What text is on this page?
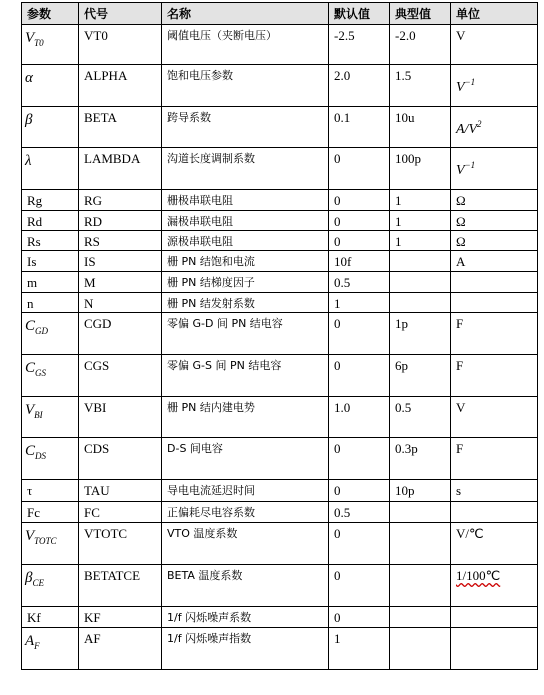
参数	代号	名称	默认值	典型值	单位
$V_{T0}$	VT0	阈值电压（夹断电压）	-2.5	-2.0	V
α	ALPHA	饱和电压参数	2.0	1.5	$V^{-1}$
β	BETA	跨导系数	0.1	10u	$A/V^2$
λ	LAMBDA	沟道长度调制系数	0	100p	$V^{-1}$
Rg	RG	栅极串联电阻	0	1	Ω
Rd	RD	漏极串联电阻	0	1	Ω
Rs	RS	源极串联电阻	0	1	Ω
Is	IS	栅 PN 结饱和电流	10f		A
m	M	栅 PN 结梯度因子	0.5		
n	N	栅 PN 结发射系数	1		
$C_{GD}$	CGD	零偏 G-D 间 PN 结电容	0	1p	F
$C_{GS}$	CGS	零偏 G-S 间 PN 结电容	0	6p	F
$V_{BI}$	VBI	栅 PN 结内建电势	1.0	0.5	V
$C_{DS}$	CDS	D-S 间电容	0	0.3p	F
τ	TAU	导电电流延迟时间	0	10p	s
Fc	FC	正偏耗尽电容系数	0.5		
$V_{TOTC}$	VTOTC	VTO 温度系数	0		V/℃
$\beta_{CE}$	BETATCE	BETA 温度系数	0		1/100℃
Kf	KF	1/f 闪烁噪声系数	0		
$A_F$	AF	1/f 闪烁噪声指数	1		
